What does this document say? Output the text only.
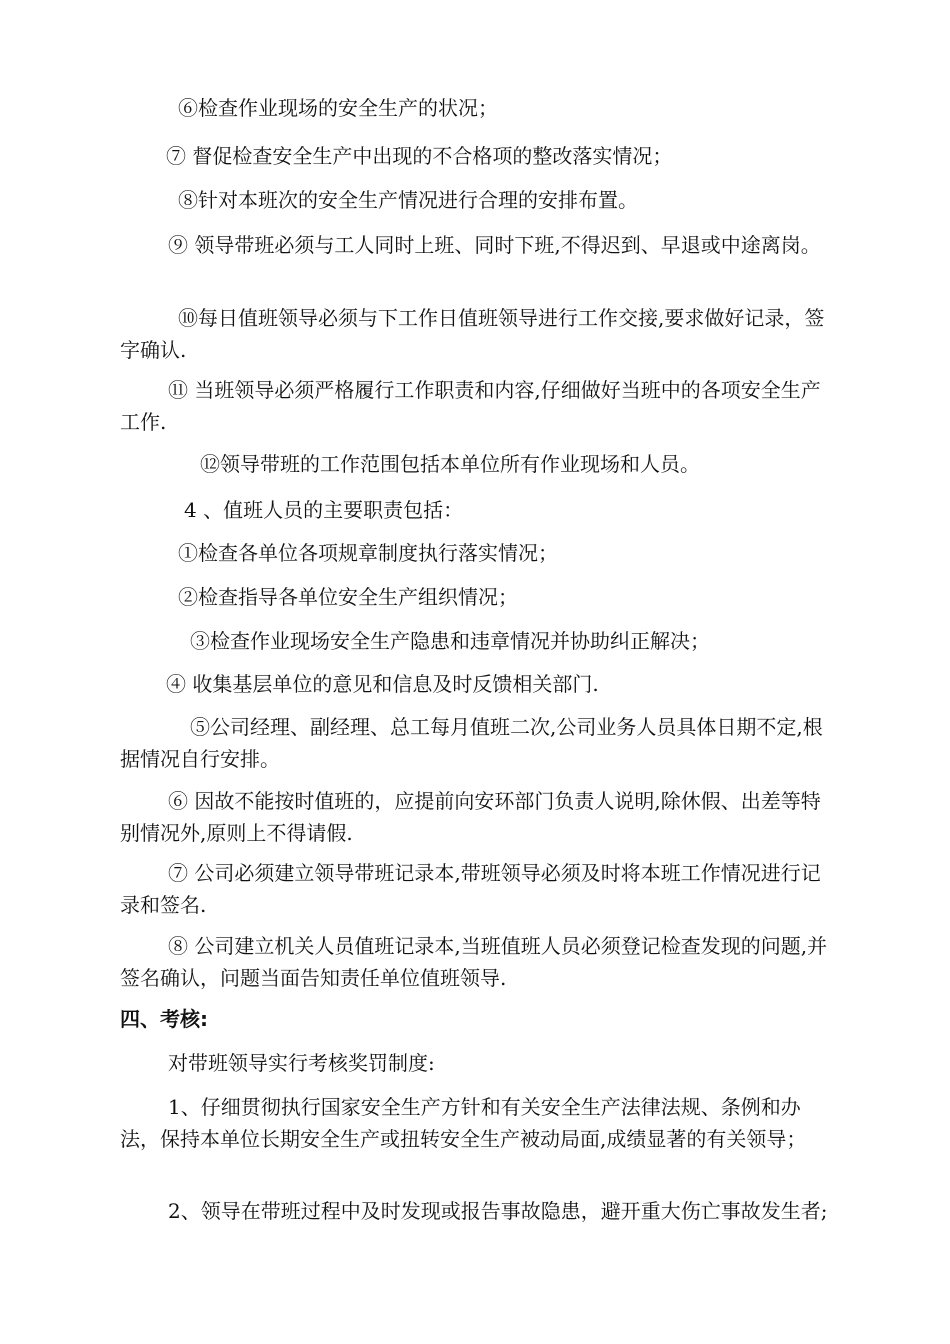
⑥检查作业现场的安全生产的状况；

⑦ 督促检查安全生产中出现的不合格项的整改落实情况；

⑧针对本班次的安全生产情况进行合理的安排布置。

⑨ 领导带班必须与工人同时上班、同时下班,不得迟到、早退或中途离岗。

⑩每日值班领导必须与下工作日值班领导进行工作交接,要求做好记录，签字确认.

⑪ 当班领导必须严格履行工作职责和内容,仔细做好当班中的各项安全生产工作.

⑫领导带班的工作范围包括本单位所有作业现场和人员。

4 、值班人员的主要职责包括：

①检查各单位各项规章制度执行落实情况；

②检查指导各单位安全生产组织情况；

③检查作业现场安全生产隐患和违章情况并协助纠正解决；

④ 收集基层单位的意见和信息及时反馈相关部门.

⑤公司经理、副经理、总工每月值班二次,公司业务人员具体日期不定,根据情况自行安排。

⑥ 因故不能按时值班的，应提前向安环部门负责人说明,除休假、出差等特别情况外,原则上不得请假.

⑦ 公司必须建立领导带班记录本,带班领导必须及时将本班工作情况进行记录和签名.

⑧ 公司建立机关人员值班记录本,当班值班人员必须登记检查发现的问题,并签名确认，问题当面告知责任单位值班领导.

四、考核:

对带班领导实行考核奖罚制度:

1、仔细贯彻执行国家安全生产方针和有关安全生产法律法规、条例和办法，保持本单位长期安全生产或扭转安全生产被动局面,成绩显著的有关领导；

2、领导在带班过程中及时发现或报告事故隐患，避开重大伤亡事故发生者;
